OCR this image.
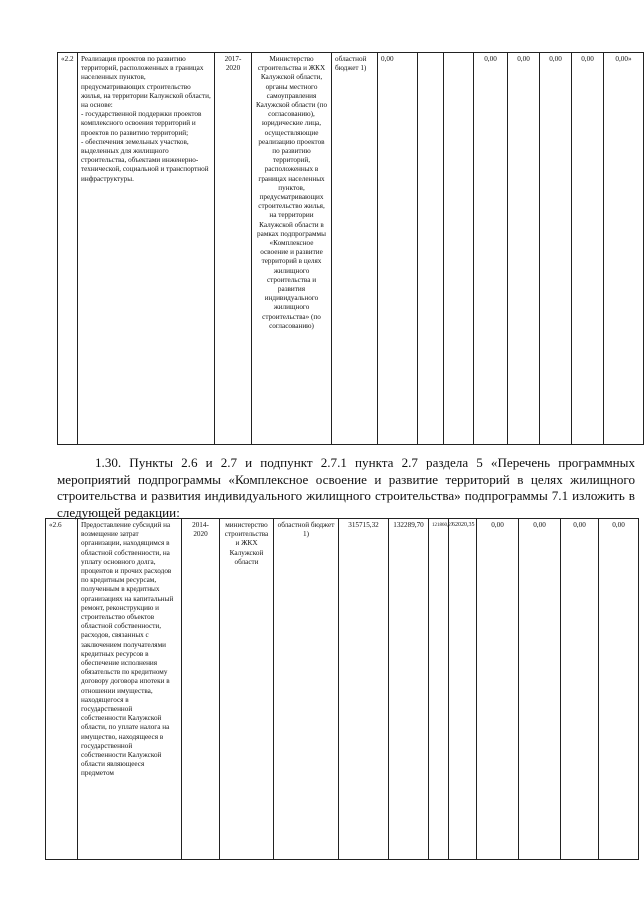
«2.2	Реализация проектов по развитию территорий, расположенных в границах населенных пунктов, предусматривающих строительство жилья, на территории Калужской области, на основе:
- государственной поддержки проектов комплексного освоения территорий и проектов по развитию территорий;
- обеспечения земельных участков, выделенных для жилищного строительства, объектами инженерно-технической, социальной и транспортной инфраструктуры.	2017-2020	Министерство строительства и ЖКХ Калужской области, органы местного самоуправления Калужской области (по согласованию), юридические лица, осуществляющие реализацию проектов по развитию территорий, расположенных в границах населенных пунктов, предусматривающих строительство жилья, на территории Калужской области в рамках подпрограммы «Комплексное освоение и развитие территорий в целях жилищного строительства и развития индивидуального жилищного строительства» (по согласованию)	областной бюджет 1)	0,00			0,00	0,00	0,00	0,00	0,00»

1.30. Пункты 2.6 и 2.7 и подпункт 2.7.1 пункта 2.7 раздела 5 «Перечень программных мероприятий подпрограммы «Комплексное освоение и развитие территорий в целях жилищного строительства и развития индивидуального жилищного строительства» подпрограммы 7.1 изложить в следующей редакции:

«2.6	Предоставление субсидий на возмещение затрат организации, находящимся в областной собственности, на уплату основного долга, процентов и прочих расходов по кредитным ресурсам, полученным в кредитных организациях на капитальный ремонт, реконструкцию и строительство объектов областной собственности, расходов, связанных с заключением получателями кредитных ресурсов в обеспечение исполнения обязательств по кредитному договору договора ипотеки в отношении имущества, находящегося в государственной собственности Калужской области, по уплате налога на имущество, находящееся в государственной собственности Калужской области являющееся предметом	2014-2020	министерство строительства и ЖКХ Калужской области	областной бюджет 1)	315715,32	132289,70	121860,27	62020,35	0,00	0,00	0,00	0,00
